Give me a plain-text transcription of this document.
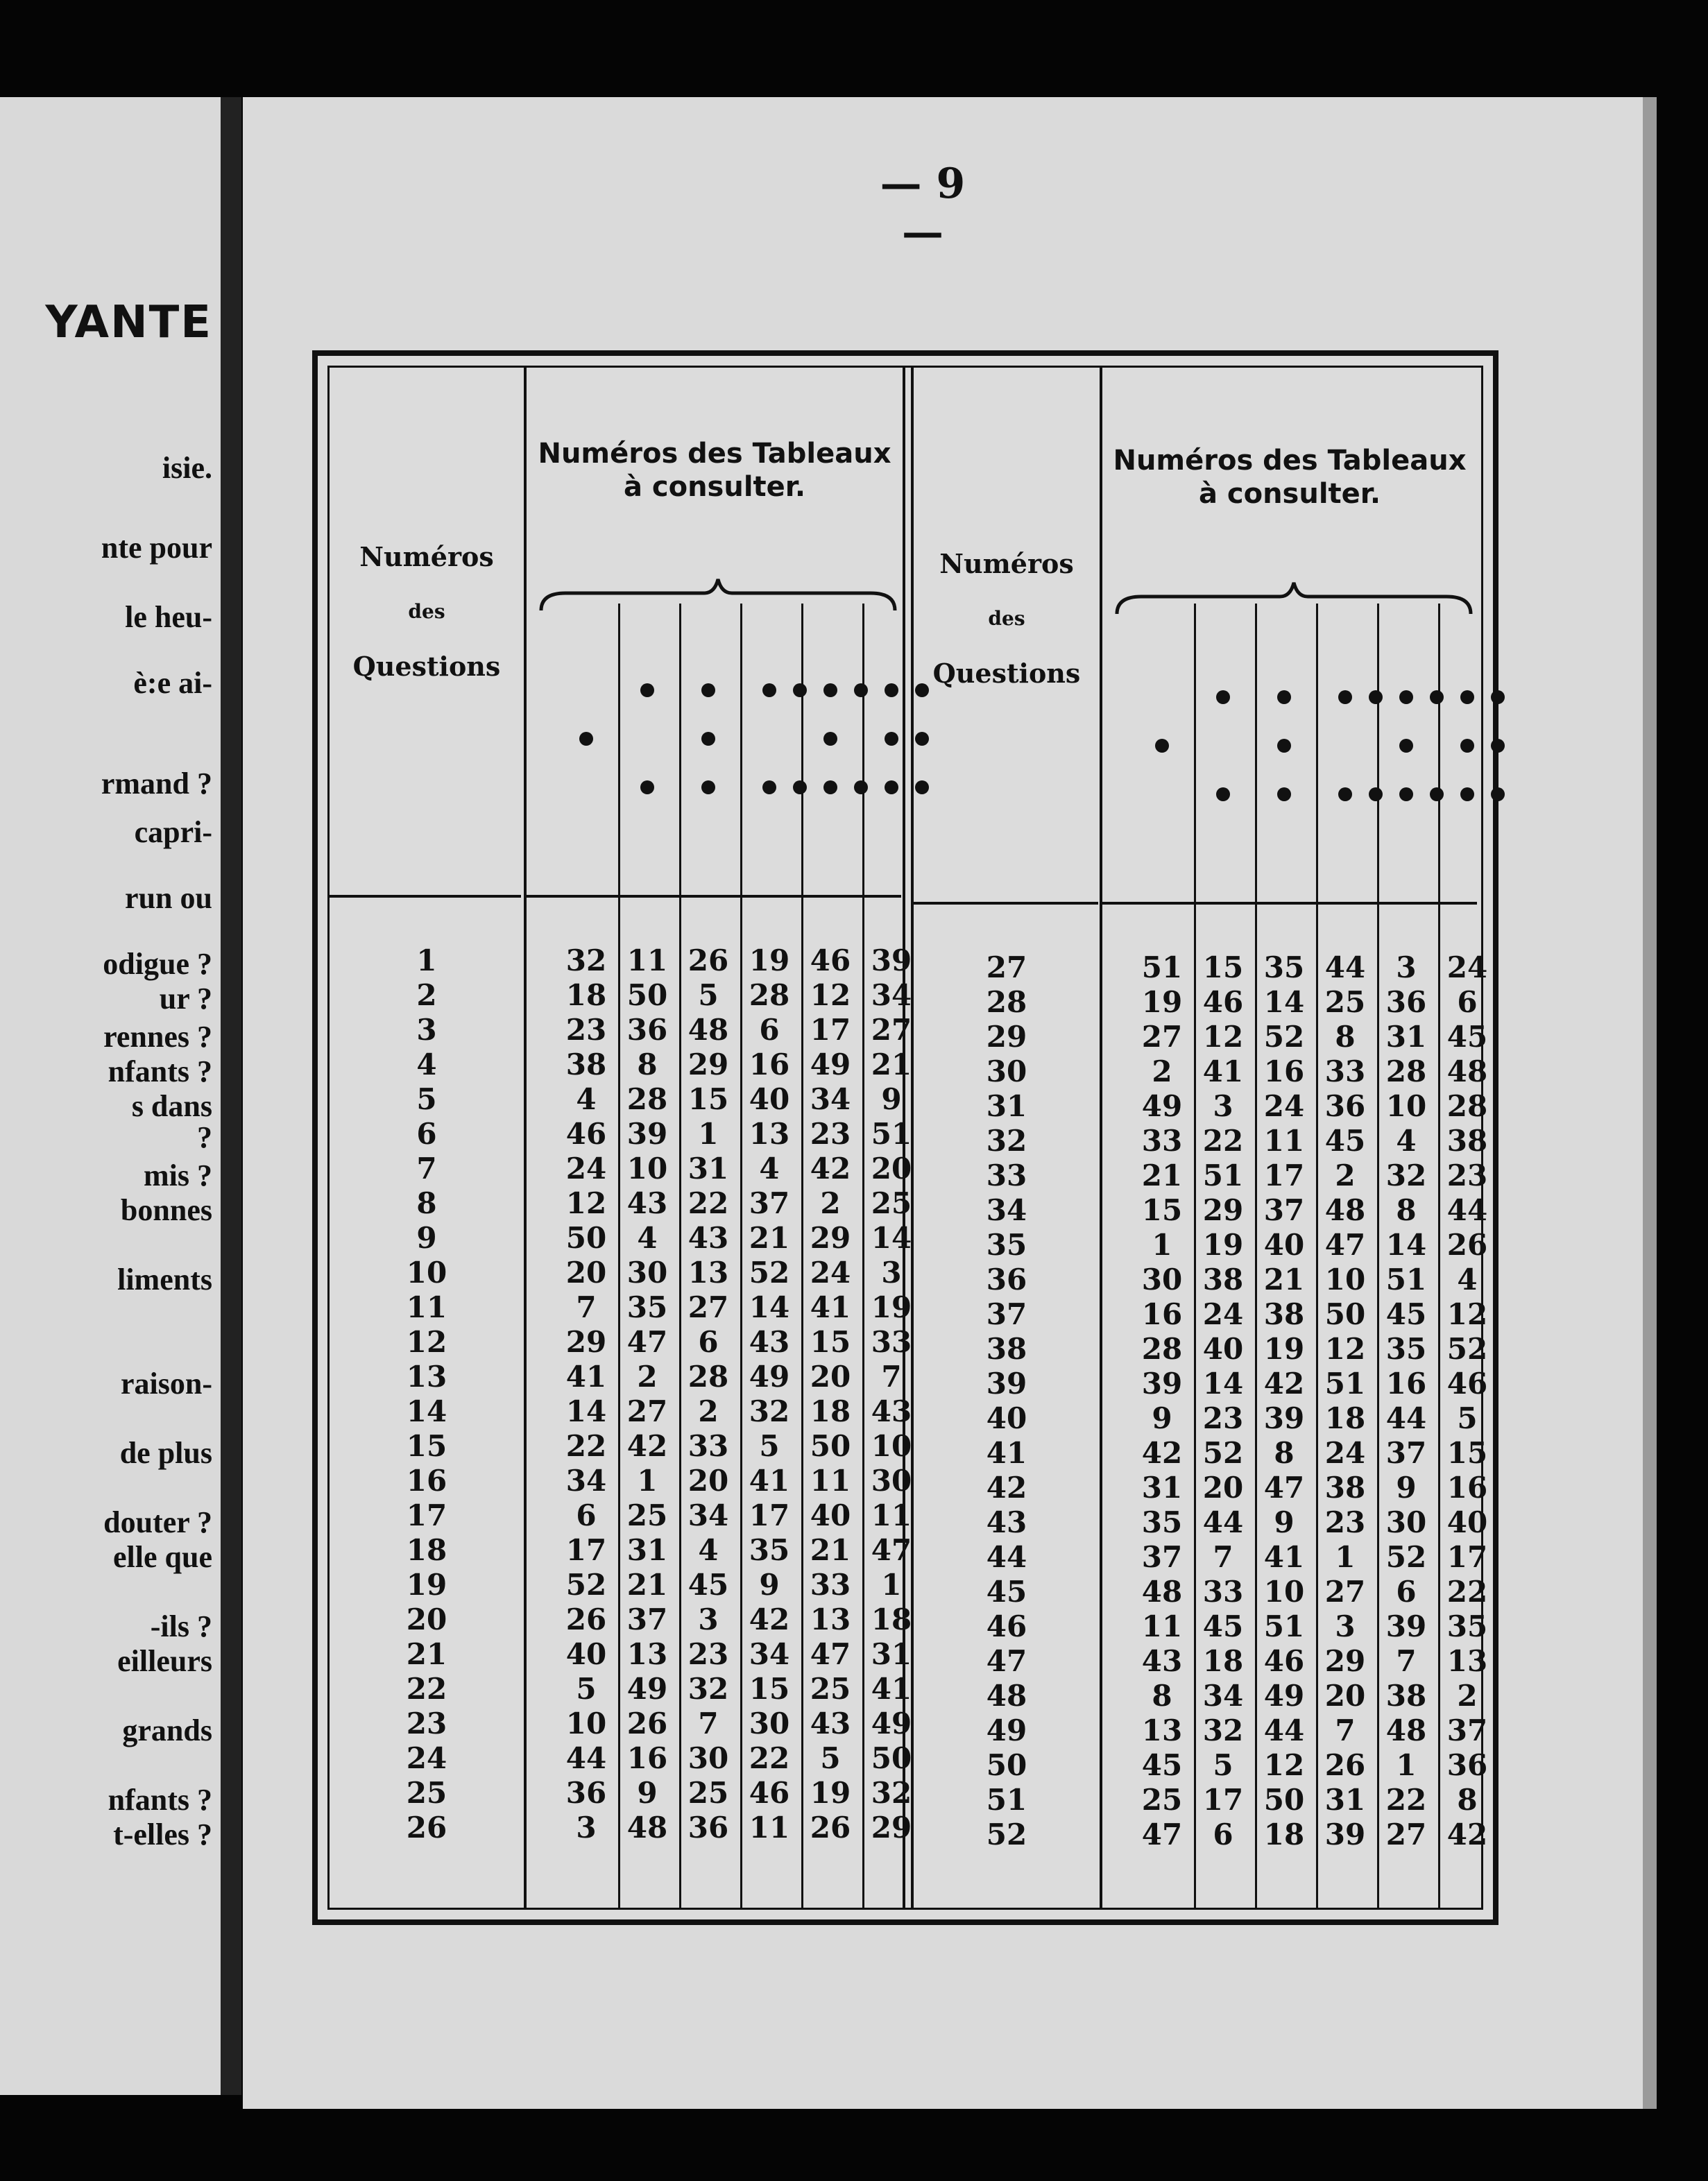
YANTE
isie.
nte pour
le heu-
è:e ai-
rmand ?
capri-
run ou
odigue ?
ur ?
rennes ?
nfants ?
s dans
?
mis ?
bonnes
liments
raison-
de plus
douter ?
elle que
-ils ?
eilleurs
grands
nfants ?
t-elles ?
— 9 —
Numéros des Tableaux
à consulter.
Numéros
des
Questions
Numéros des Tableaux
à consulter.
Numéros
des
Questions
1	32 11 26 19 46 39
2	18 50	5	28 12 34
3	23 36 48	6	17 27
4	38	8	29 16 49 21
5	4	28 15 40 34	9
6	46 39	1	13 23 51
7	24 10 31	4	42 20
8	12 43 22 37	2	25
9	50	4	43 21 29 14
10	20 30 13 52 24	3
11	7	35 27 14 41 19
12	29 47	6	43 15 33
13	41	2	28 49 20	7
14	14 27	2	32 18 43
15	22 42 33	5	50 10
16	34	1	20 41 11 30
17	6	25 34 17 40 11
18	17 31	4	35 21 47
19	52 21 45	9	33	1
20	26 37	3	42 13 18
21	40 13 23 34 47 31
22	5	49 32 15 25 41
23	10 26	7	30 43 49
24	44 16 30 22	5	50
25	36	9	25 46 19 32
26	3	48 36 11 26 29
27	51 15 35 44	3	24
28	19 46 14 25 36	6
29	27 12 52	8	31 45
30	2	41 16 33 28 48
31	49	3	24 36 10 28
32	33 22 11 45	4	38
33	21 51 17	2	32 23
34	15 29 37 48	8	44
35	1	19 40 47 14 26
36	30 38 21 10 51	4
37	16 24 38 50 45 12
38	28 40 19 12 35 52
39	39 14 42 51 16 46
40	9	23 39 18 44	5
41	42 52	8	24 37 15
42	31 20 47 38	9	16
43	35 44	9	23 30 40
44	37	7	41	1	52 17
45	48 33 10 27	6	22
46	11 45 51	3	39 35
47	43 18 46 29	7	13
48	8	34 49 20 38	2
49	13 32 44	7	48 37
50	45	5	12 26	1	36
51	25 17 50 31 22	8
52	47	6	18 39 27 42
